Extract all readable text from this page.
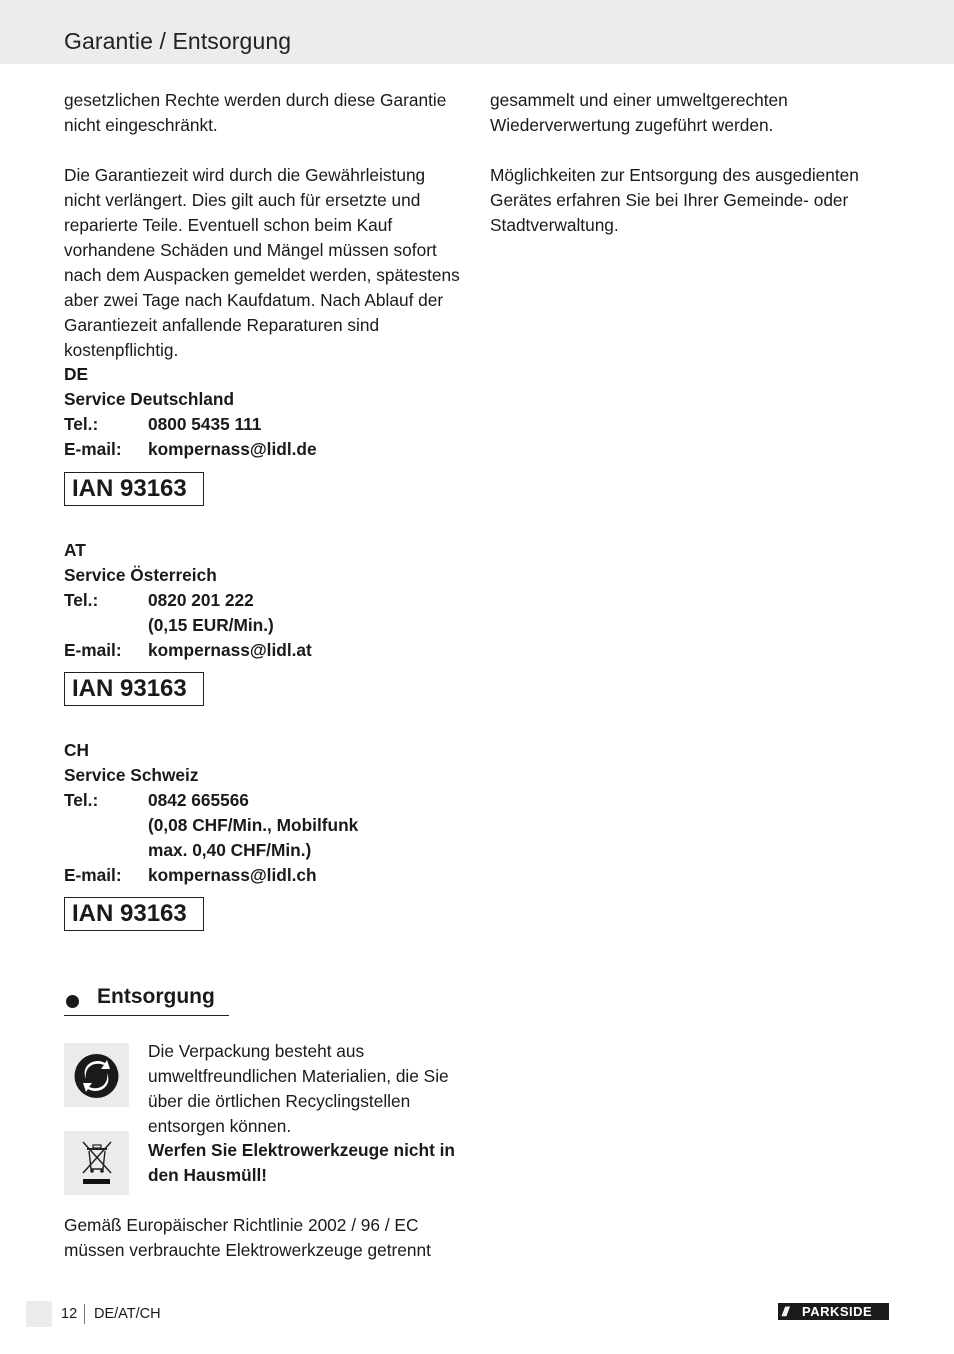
Garantie / Entsorgung

gesetzlichen Rechte werden durch diese Garantie nicht eingeschränkt.

Die Garantiezeit wird durch die Gewährleistung nicht verlängert. Dies gilt auch für ersetzte und reparierte Teile. Eventuell schon beim Kauf vorhandene Schäden und Mängel müssen sofort nach dem Auspacken gemeldet werden, spätestens aber zwei Tage nach Kaufdatum. Nach Ablauf der Garantiezeit anfallende Reparaturen sind kostenpflichtig.

gesammelt und einer umweltgerechten Wiederverwertung zugeführt werden.

Möglichkeiten zur Entsorgung des ausgedienten Gerätes erfahren Sie bei Ihrer Gemeinde- oder Stadtverwaltung.

DE
Service Deutschland
Tel.:	0800 5435 111
E-mail:	kompernass@lidl.de
IAN 93163
AT
Service Österreich
Tel.:	0820 201 222
(0,15 EUR/Min.)
E-mail:	kompernass@lidl.at
IAN 93163
CH
Service Schweiz
Tel.:	0842 665566
(0,08 CHF/Min., Mobilfunk
max. 0,40 CHF/Min.)
E-mail:	kompernass@lidl.ch
IAN 93163
Entsorgung
Die Verpackung besteht aus umweltfreundlichen Materialien, die Sie über die örtlichen Recyclingstellen entsorgen können.
Werfen Sie Elektrowerkzeuge nicht in den Hausmüll!
Gemäß Europäischer Richtlinie 2002 / 96 / EC müssen verbrauchte Elektrowerkzeuge getrennt
12 DE/AT/CH	/// PARKSIDE
